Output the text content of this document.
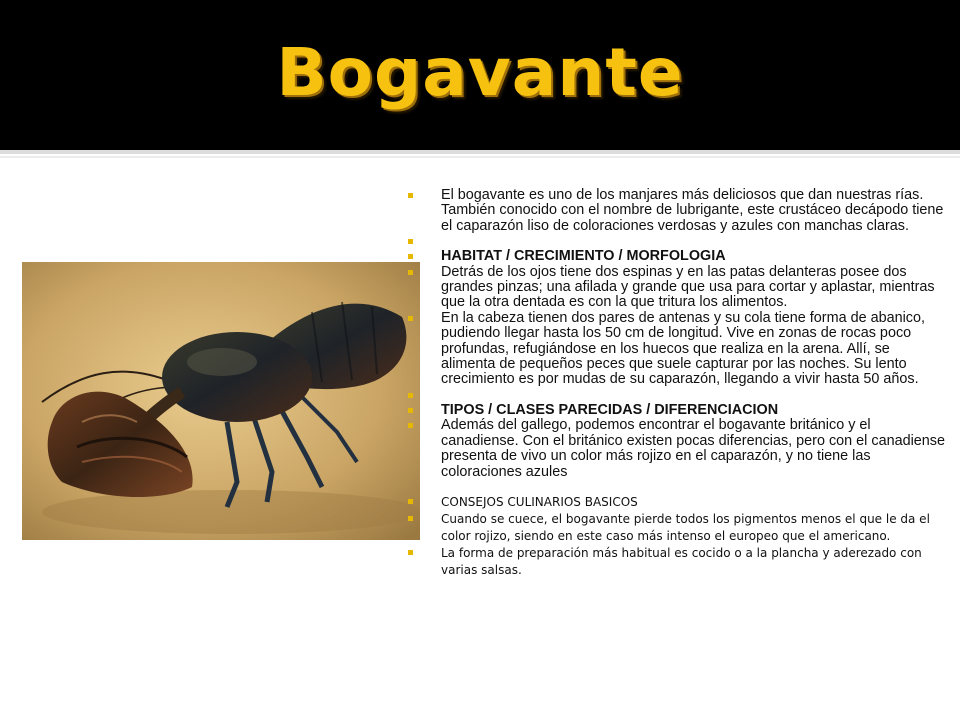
Bogavante
El bogavante es uno de los manjares más deliciosos que dan nuestras rías. También conocido con el nombre de lubrigante, este crustáceo decápodo tiene el caparazón liso de coloraciones verdosas y azules con manchas claras.
HABITAT / CRECIMIENTO / MORFOLOGIA
Detrás de los ojos tiene dos espinas y en las patas delanteras posee dos grandes pinzas; una afilada y grande que usa para cortar y aplastar, mientras que la otra dentada es con la que tritura los alimentos.
En la cabeza tienen dos pares de antenas y su cola tiene forma de abanico, pudiendo llegar hasta los 50 cm de longitud. Vive en zonas de rocas poco profundas, refugiándose en los huecos que realiza en la arena. Allí, se alimenta de pequeños peces que suele capturar por las noches. Su lento crecimiento es por mudas de su caparazón, llegando a vivir hasta 50 años.
TIPOS / CLASES PARECIDAS / DIFERENCIACION
Además del gallego, podemos encontrar el bogavante británico y el canadiense. Con el británico existen pocas diferencias, pero con el canadiense presenta de vivo un color más rojizo en el caparazón, y no tiene las coloraciones azules
CONSEJOS CULINARIOS BASICOS
Cuando se cuece, el bogavante pierde todos los pigmentos menos el que le da el color rojizo, siendo en este caso más intenso el europeo que el americano.
La forma de preparación más habitual es cocido o a la plancha y aderezado con varias salsas.
